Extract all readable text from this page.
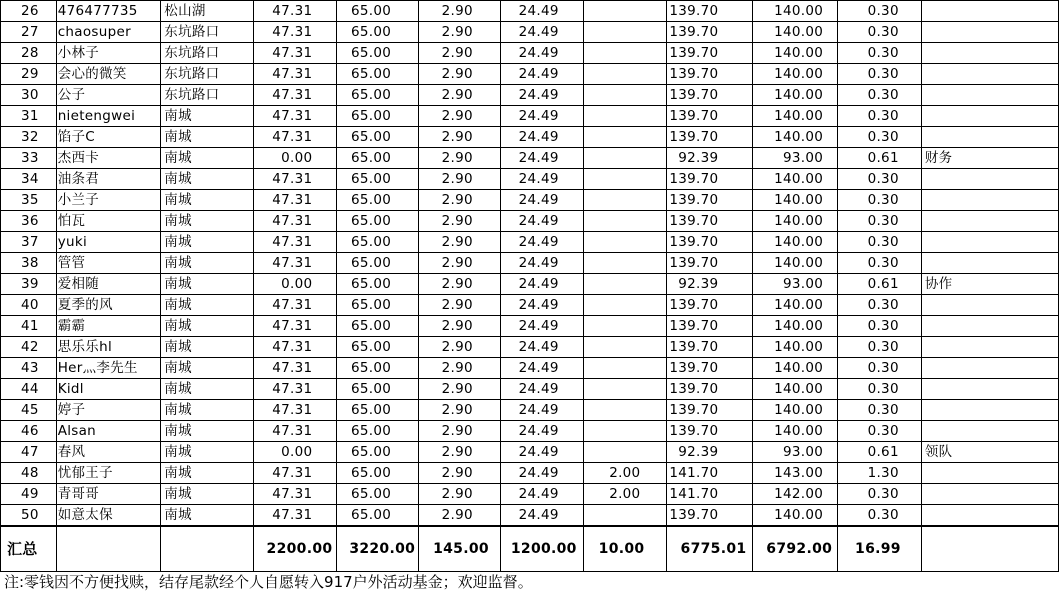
26	476477735	松山湖	47.31	65.00	2.90	24.49		139.70	140.00	0.30	
27	chaosuper	东坑路口	47.31	65.00	2.90	24.49		139.70	140.00	0.30	
28	小林子	东坑路口	47.31	65.00	2.90	24.49		139.70	140.00	0.30	
29	会心的微笑	东坑路口	47.31	65.00	2.90	24.49		139.70	140.00	0.30	
30	公子	东坑路口	47.31	65.00	2.90	24.49		139.70	140.00	0.30	
31	nietengwei	南城	47.31	65.00	2.90	24.49		139.70	140.00	0.30	
32	馅子C	南城	47.31	65.00	2.90	24.49		139.70	140.00	0.30	
33	杰西卡	南城	0.00	65.00	2.90	24.49		92.39	93.00	0.61	财务
34	油条君	南城	47.31	65.00	2.90	24.49		139.70	140.00	0.30	
35	小兰子	南城	47.31	65.00	2.90	24.49		139.70	140.00	0.30	
36	怕瓦	南城	47.31	65.00	2.90	24.49		139.70	140.00	0.30	
37	yuki	南城	47.31	65.00	2.90	24.49		139.70	140.00	0.30	
38	管管	南城	47.31	65.00	2.90	24.49		139.70	140.00	0.30	
39	爱相随	南城	0.00	65.00	2.90	24.49		92.39	93.00	0.61	协作
40	夏季的风	南城	47.31	65.00	2.90	24.49		139.70	140.00	0.30	
41	霸霸	南城	47.31	65.00	2.90	24.49		139.70	140.00	0.30	
42	思乐乐hl	南城	47.31	65.00	2.90	24.49		139.70	140.00	0.30	
43	Her灬李先生	南城	47.31	65.00	2.90	24.49		139.70	140.00	0.30	
44	Kidl	南城	47.31	65.00	2.90	24.49		139.70	140.00	0.30	
45	婷子	南城	47.31	65.00	2.90	24.49		139.70	140.00	0.30	
46	Alsan	南城	47.31	65.00	2.90	24.49		139.70	140.00	0.30	
47	春风	南城	0.00	65.00	2.90	24.49		92.39	93.00	0.61	领队
48	忧郁王子	南城	47.31	65.00	2.90	24.49	2.00	141.70	143.00	1.30	
49	青哥哥	南城	47.31	65.00	2.90	24.49	2.00	141.70	142.00	0.30	
50	如意太保	南城	47.31	65.00	2.90	24.49		139.70	140.00	0.30	
汇总			2200.00	3220.00	145.00	1200.00	10.00	6775.01	6792.00	16.99	
注:零钱因不方便找赎，结存尾款经个人自愿转入917户外活动基金；欢迎监督。
